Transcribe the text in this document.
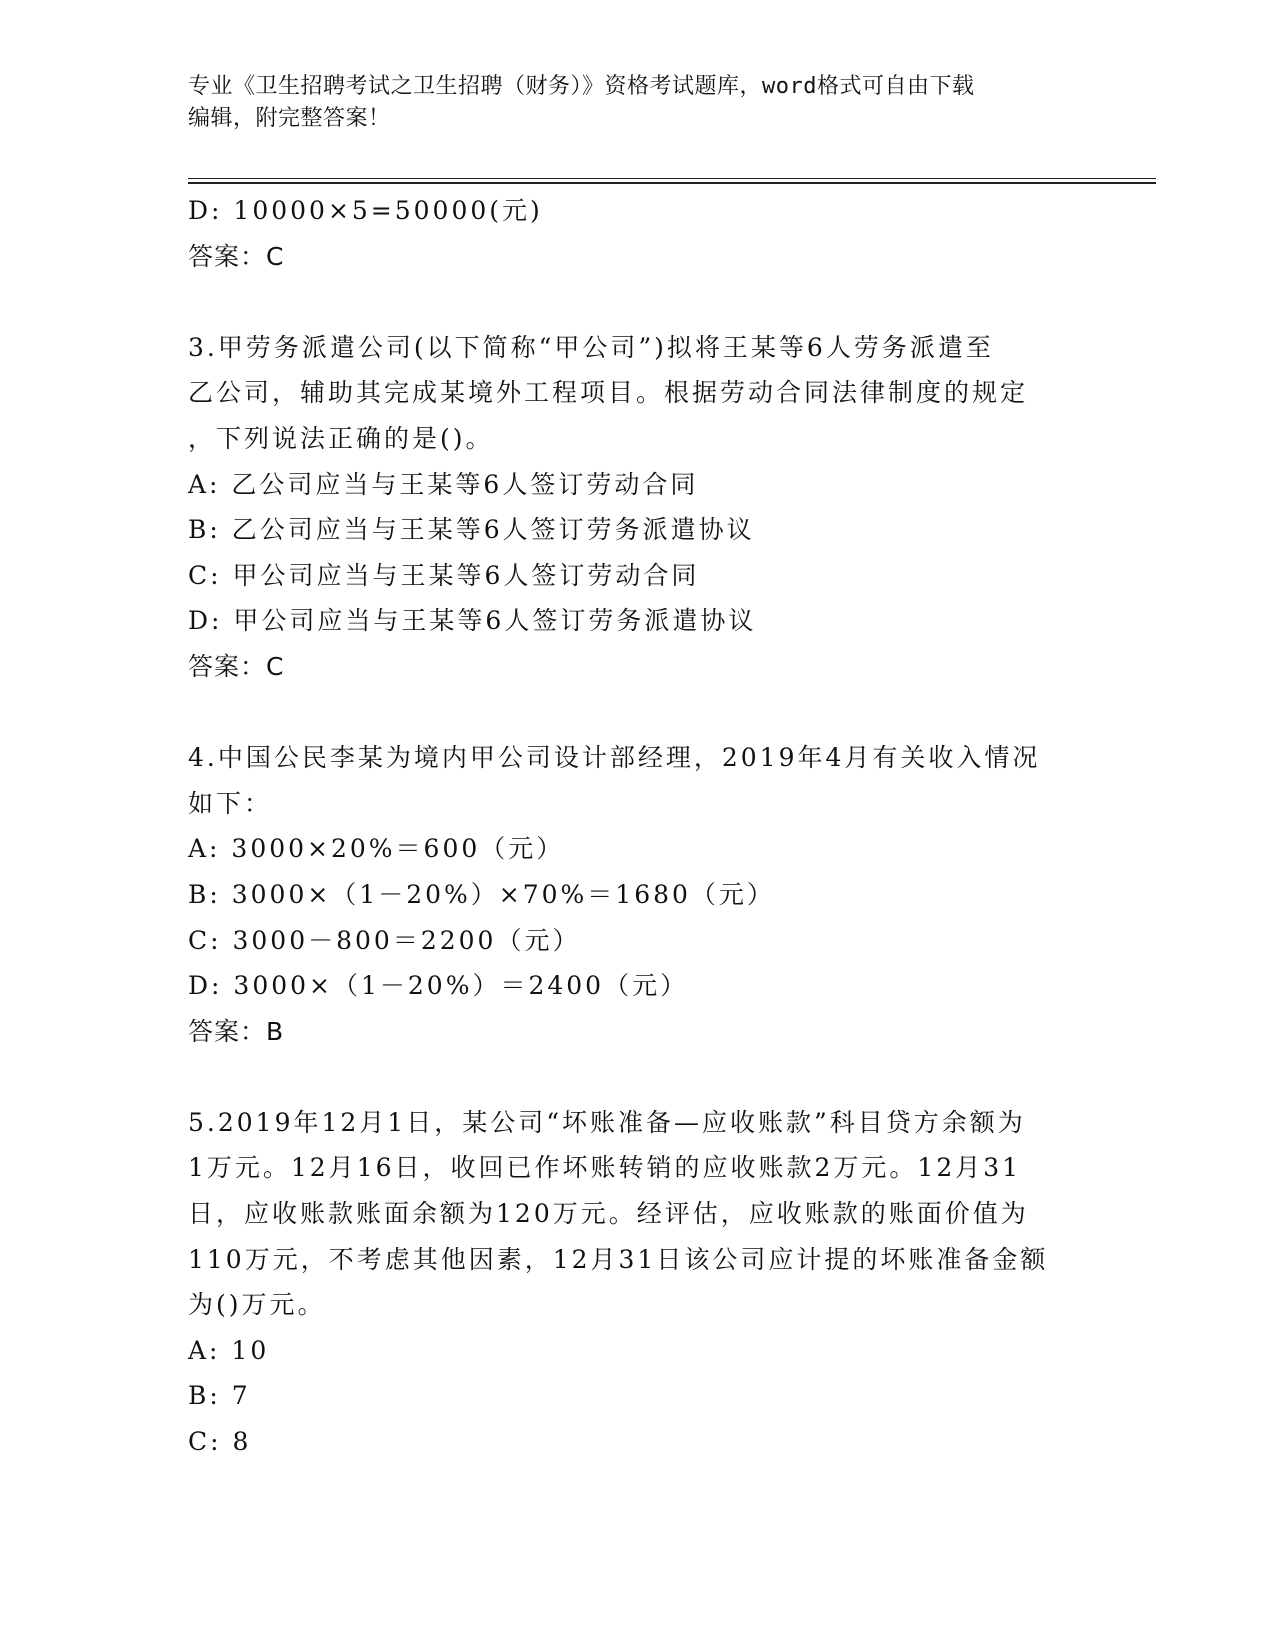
专业《卫生招聘考试之卫生招聘（财务）》资格考试题库，word格式可自由下载
编辑，附完整答案！
D: 10000×5=50000(元)
答案：C
3.甲劳务派遣公司(以下简称“甲公司”)拟将王某等6人劳务派遣至
乙公司，辅助其完成某境外工程项目。根据劳动合同法律制度的规定
，下列说法正确的是()。
A: 乙公司应当与王某等6人签订劳动合同
B: 乙公司应当与王某等6人签订劳务派遣协议
C: 甲公司应当与王某等6人签订劳动合同
D: 甲公司应当与王某等6人签订劳务派遣协议
答案：C
4.中国公民李某为境内甲公司设计部经理，2019年4月有关收入情况
如下：
A: 3000×20%＝600（元）
B: 3000×（1－20%）×70%＝1680（元）
C: 3000－800＝2200（元）
D: 3000×（1－20%）＝2400（元）
答案：B
5.2019年12月1日，某公司“坏账准备—应收账款”科目贷方余额为
1万元。12月16日，收回已作坏账转销的应收账款2万元。12月31
日，应收账款账面余额为120万元。经评估，应收账款的账面价值为
110万元，不考虑其他因素，12月31日该公司应计提的坏账准备金额
为()万元。
A: 10
B: 7
C: 8
